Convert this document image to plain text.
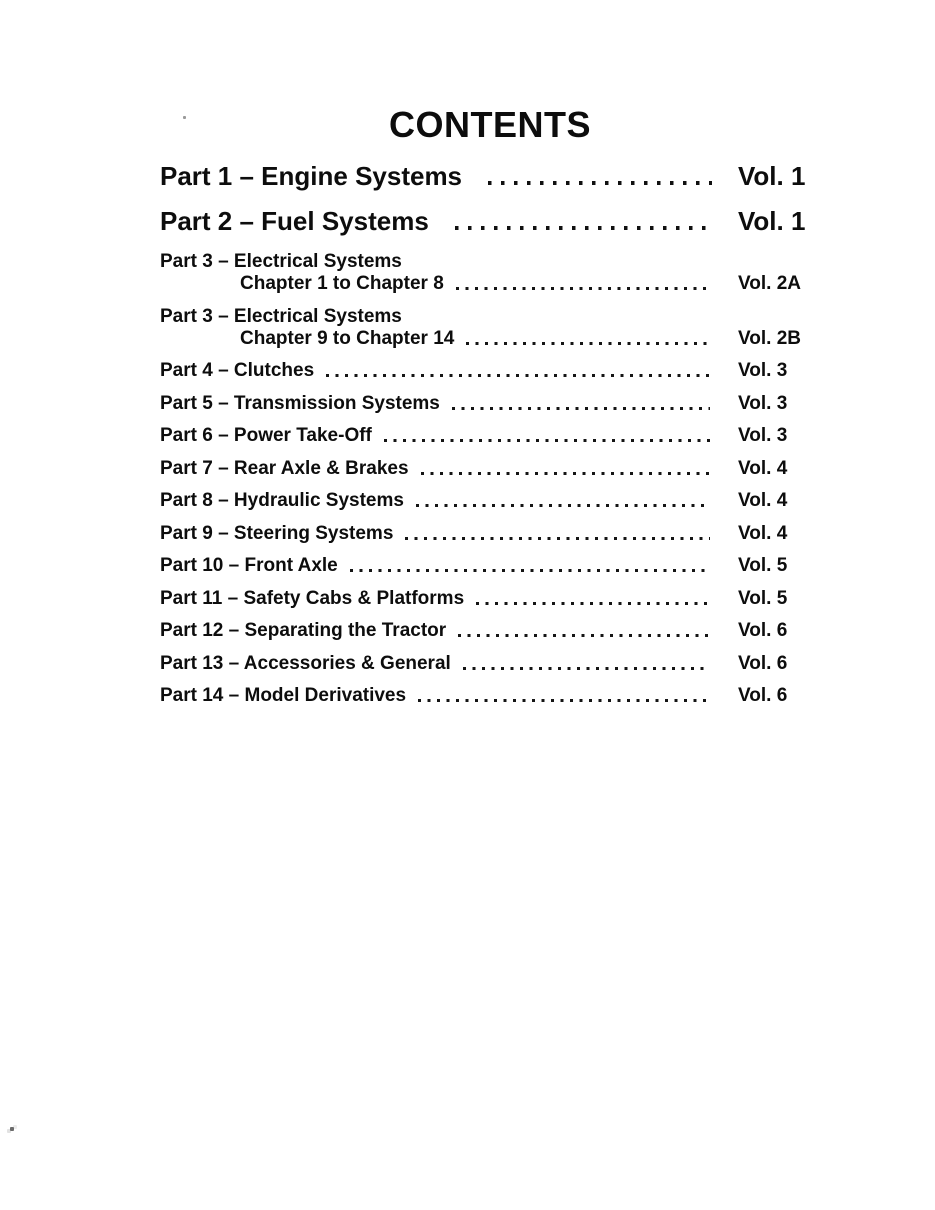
CONTENTS
Part 1 – Engine Systems	Vol. 1
Part 2 – Fuel Systems	Vol. 1
Part 3 – Electrical Systems
Chapter 1 to Chapter 8	Vol. 2A
Part 3 – Electrical Systems
Chapter 9 to Chapter 14	Vol. 2B
Part 4 – Clutches	Vol. 3
Part 5 – Transmission Systems	Vol. 3
Part 6 – Power Take-Off	Vol. 3
Part 7 – Rear Axle & Brakes	Vol. 4
Part 8 – Hydraulic Systems	Vol. 4
Part 9 – Steering Systems	Vol. 4
Part 10 – Front Axle	Vol. 5
Part 11 – Safety Cabs & Platforms	Vol. 5
Part 12 – Separating the Tractor	Vol. 6
Part 13 – Accessories & General	Vol. 6
Part 14 – Model Derivatives	Vol. 6
